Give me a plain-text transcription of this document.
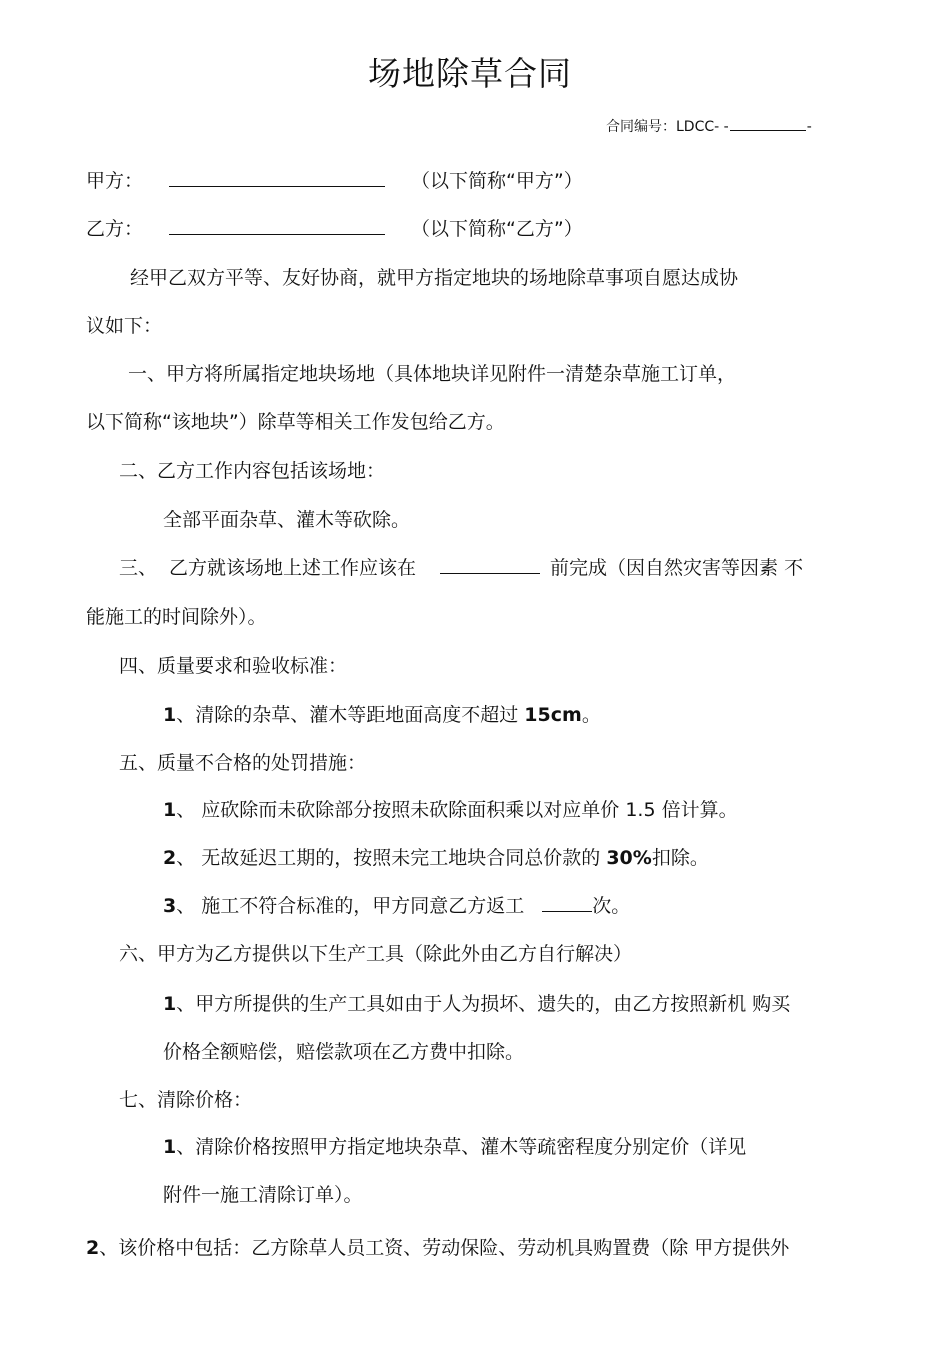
场地除草合同
合同编号：LDCC- -	-
甲方：	（以下简称“甲方”）
乙方：	（以下简称“乙方”）
经甲乙双方平等、友好协商，就甲方指定地块的场地除草事项自愿达成协
议如下：
一、甲方将所属指定地块场地（具体地块详见附件一清楚杂草施工订单，
以下简称“该地块”）除草等相关工作发包给乙方。
二、乙方工作内容包括该场地：
全部平面杂草、灌木等砍除。
三、 乙方就该场地上述工作应该在	前完成（因自然灾害等因素 不
能施工的时间除外）。
四、质量要求和验收标准：
1、清除的杂草、灌木等距地面高度不超过 15cm。
五、质量不合格的处罚措施：
1、 应砍除而未砍除部分按照未砍除面积乘以对应单价 1.5 倍计算。
2、 无故延迟工期的，按照未完工地块合同总价款的 30%扣除。
3、 施工不符合标准的，甲方同意乙方返工	次。
六、甲方为乙方提供以下生产工具（除此外由乙方自行解决）
1、甲方所提供的生产工具如由于人为损坏、遗失的，由乙方按照新机 购买
价格全额赔偿，赔偿款项在乙方费中扣除。
七、清除价格：
1、清除价格按照甲方指定地块杂草、灌木等疏密程度分别定价（详见
附件一施工清除订单）。
2、该价格中包括：乙方除草人员工资、劳动保险、劳动机具购置费（除 甲方提供外
